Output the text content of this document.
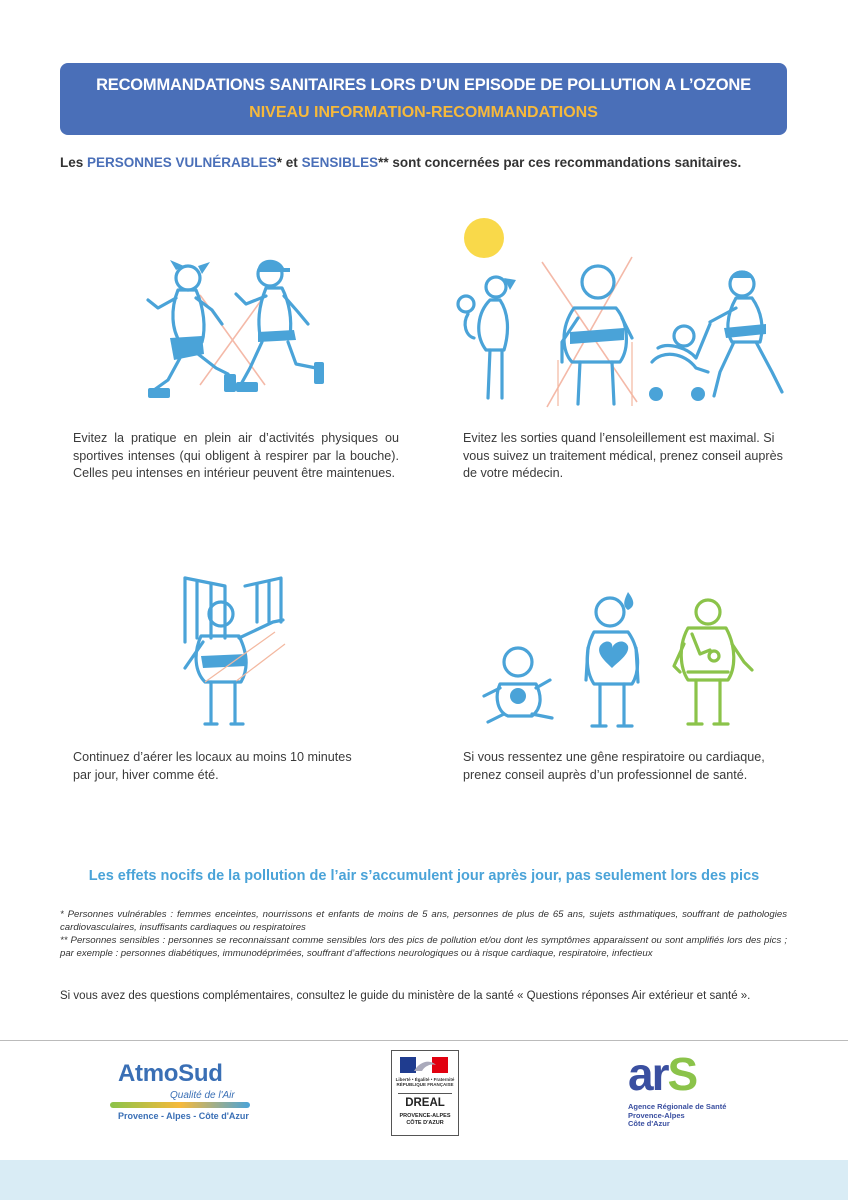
RECOMMANDATIONS SANITAIRES LORS D’UN EPISODE DE POLLUTION A L’OZONE
NIVEAU INFORMATION-RECOMMANDATIONS
Les PERSONNES VULNÉRABLES* et SENSIBLES** sont concernées par ces recommandations sanitaires.
Evitez la pratique en plein air d’activités physiques ou sportives intenses (qui obligent à respirer par la bouche). Celles peu intenses en intérieur peuvent être maintenues.
Evitez les sorties quand l’ensoleillement est maximal. Si vous suivez un traitement médical, prenez conseil auprès de votre médecin.
Continuez d’aérer les locaux au moins 10 minutes par jour, hiver comme été.
Si vous ressentez une gêne respiratoire ou cardiaque, prenez conseil auprès d’un professionnel de santé.
Les effets nocifs de la pollution de l’air s’accumulent jour après jour, pas seulement lors des pics

* Personnes vulnérables : femmes enceintes, nourrissons et enfants de moins de 5 ans, personnes de plus de 65 ans, sujets asthmatiques, souffrant de pathologies cardiovasculaires, insuffisants cardiaques ou respiratoires

** Personnes sensibles : personnes se reconnaissant comme sensibles lors des pics de pollution et/ou dont les symptômes apparaissent ou sont amplifiés lors des pics ; par exemple : personnes diabétiques, immunodéprimées, souffrant d’affections neurologiques ou à risque cardiaque, respiratoire, infectieux

Si vous avez des questions complémentaires, consultez le guide du ministère de la santé « Questions réponses Air extérieur et santé ».
AtmoSud
Qualité de l'Air
Provence - Alpes - Côte d'Azur
Liberté • Égalité • Fraternité RÉPUBLIQUE FRANÇAISE
DREAL
PROVENCE-ALPES
CÔTE D'AZUR
arS
Agence Régionale de Santé
Provence-Alpes
Côte d'Azur
